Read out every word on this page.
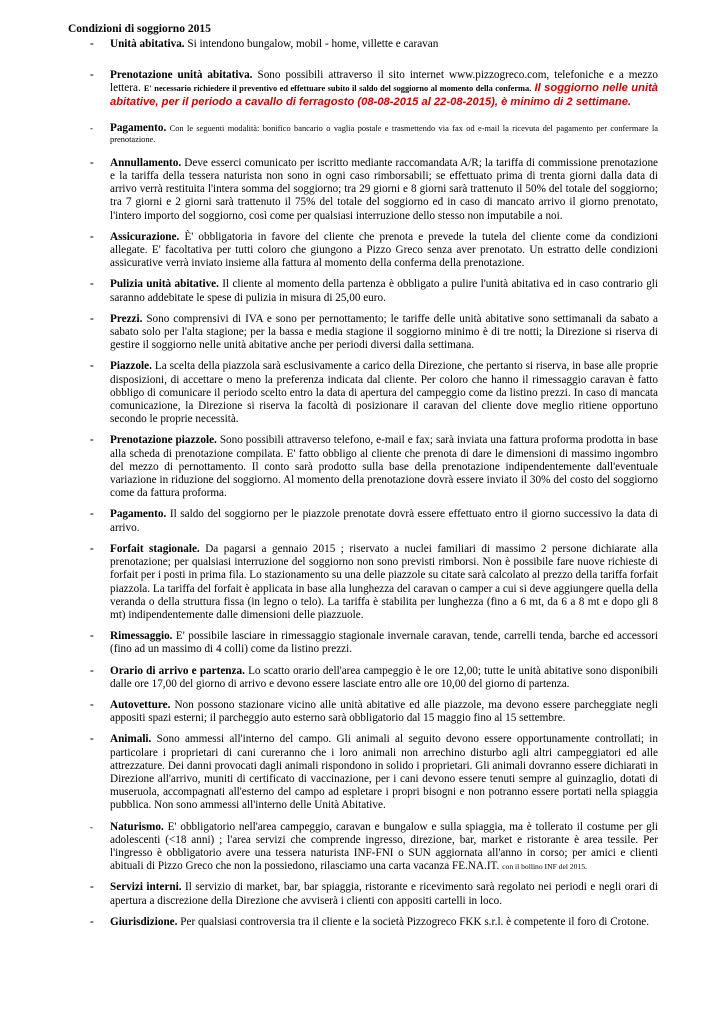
Condizioni di soggiorno 2015
- Unità abitativa. Si intendono bungalow, mobil - home, villette e caravan
- Prenotazione unità abitativa. Sono possibili attraverso il sito internet www.pizzogreco.com, telefoniche e a mezzo lettera. E' necessario richiedere il preventivo ed effettuare subito il saldo del soggiorno al momento della conferma. Il soggiorno nelle unità abitative, per il periodo a cavallo di ferragosto (08-08-2015 al 22-08-2015), è minimo di 2 settimane.
- Pagamento. Con le seguenti modalità: bonifico bancario o vaglia postale e trasmettendo via fax od e-mail la ricevuta del pagamento per confermare la prenotazione.
- Annullamento. Deve esserci comunicato per iscritto mediante raccomandata A/R; la tariffa di commissione prenotazione e la tariffa della tessera naturista non sono in ogni caso rimborsabili; se effettuato prima di trenta giorni dalla data di arrivo verrà restituita l'intera somma del soggiorno; tra 29 giorni e 8 giorni sarà trattenuto il 50% del totale del soggiorno; tra 7 giorni e 2 giorni sarà trattenuto il 75% del totale del soggiorno ed in caso di mancato arrivo il giorno prenotato, l'intero importo del soggiorno, così come per qualsiasi interruzione dello stesso non imputabile a noi.
- Assicurazione. È' obbligatoria in favore del cliente che prenota e prevede la tutela del cliente come da condizioni allegate. E' facoltativa per tutti coloro che giungono a Pizzo Greco senza aver prenotato. Un estratto delle condizioni assicurative verrà inviato insieme alla fattura al momento della conferma della prenotazione.
- Pulizia unità abitative. Il cliente al momento della partenza è obbligato a pulire l'unità abitativa ed in caso contrario gli saranno addebitate le spese di pulizia in misura di 25,00 euro.
- Prezzi. Sono comprensivi di IVA e sono per pernottamento; le tariffe delle unità abitative sono settimanali da sabato a sabato solo per l'alta stagione; per la bassa e media stagione il soggiorno minimo è di tre notti; la Direzione si riserva di gestire il soggiorno nelle unità abitative anche per periodi diversi dalla settimana.
- Piazzole. La scelta della piazzola sarà esclusivamente a carico della Direzione, che pertanto si riserva, in base alle proprie disposizioni, di accettare o meno la preferenza indicata dal cliente. Per coloro che hanno il rimessaggio caravan è fatto obbligo di comunicare il periodo scelto entro la data di apertura del campeggio come da listino prezzi. In caso di mancata comunicazione, la Direzione si riserva la facoltà di posizionare il caravan del cliente dove meglio ritiene opportuno secondo le proprie necessità.
- Prenotazione piazzole. Sono possibili attraverso telefono, e-mail e fax; sarà inviata una fattura proforma prodotta in base alla scheda di prenotazione compilata. E' fatto obbligo al cliente che prenota di dare le dimensioni di massimo ingombro del mezzo di pernottamento. Il conto sarà prodotto sulla base della prenotazione indipendentemente dall'eventuale variazione in riduzione del soggiorno. Al momento della prenotazione dovrà essere inviato il 30% del costo del soggiorno come da fattura proforma.
- Pagamento. Il saldo del soggiorno per le piazzole prenotate dovrà essere effettuato entro il giorno successivo la data di arrivo.
- Forfait stagionale. Da pagarsi a gennaio 2015 ; riservato a nuclei familiari di massimo 2 persone dichiarate alla prenotazione; per qualsiasi interruzione del soggiorno non sono previsti rimborsi. Non è possibile fare nuove richieste di forfait per i posti in prima fila. Lo stazionamento su una delle piazzole su citate sarà calcolato al prezzo della tariffa forfait piazzola. La tariffa del forfait è applicata in base alla lunghezza del caravan o camper a cui si deve aggiungere quella della veranda o della struttura fissa (in legno o telo). La tariffa è stabilita per lunghezza (fino a 6 mt, da 6 a 8 mt e dopo gli 8 mt) indipendentemente dalle dimensioni delle piazzuole.
- Rimessaggio. E' possibile lasciare in rimessaggio stagionale invernale caravan, tende, carrelli tenda, barche ed accessori (fino ad un massimo di 4 colli) come da listino prezzi.
- Orario di arrivo e partenza. Lo scatto orario dell'area campeggio è le ore 12,00; tutte le unità abitative sono disponibili dalle ore 17,00 del giorno di arrivo e devono essere lasciate entro alle ore 10,00 del giorno di partenza.
- Autovetture. Non possono stazionare vicino alle unità abitative ed alle piazzole, ma devono essere parcheggiate negli appositi spazi esterni; il parcheggio auto esterno sarà obbligatorio dal 15 maggio fino al 15 settembre.
- Animali. Sono ammessi all'interno del campo. Gli animali al seguito devono essere opportunamente controllati; in particolare i proprietari di cani cureranno che i loro animali non arrechino disturbo agli altri campeggiatori ed alle attrezzature. Dei danni provocati dagli animali rispondono in solido i proprietari. Gli animali dovranno essere dichiarati in Direzione all'arrivo, muniti di certificato di vaccinazione, per i cani devono essere tenuti sempre al guinzaglio, dotati di museruola, accompagnati all'esterno del campo ad espletare i propri bisogni e non potranno essere portati nella spiaggia pubblica. Non sono ammessi all'interno delle Unità Abitative.
- Naturismo. E' obbligatorio nell'area campeggio, caravan e bungalow e sulla spiaggia, ma è tollerato il costume per gli adolescenti (<18 anni) ; l'area servizi che comprende ingresso, direzione, bar, market e ristorante è area tessile. Per l'ingresso è obbligatorio avere una tessera naturista INF-FNI o SUN aggiornata all'anno in corso; per amici e clienti abituali di Pizzo Greco che non la possiedono, rilasciamo una carta vacanza FE.NA.IT. con il bollino INF del 2015.
- Servizi interni. Il servizio di market, bar, bar spiaggia, ristorante e ricevimento sarà regolato nei periodi e negli orari di apertura a discrezione della Direzione che avviserà i clienti con appositi cartelli in loco.
- Giurisdizione. Per qualsiasi controversia tra il cliente e la società Pizzogreco FKK s.r.l. è competente il foro di Crotone.
